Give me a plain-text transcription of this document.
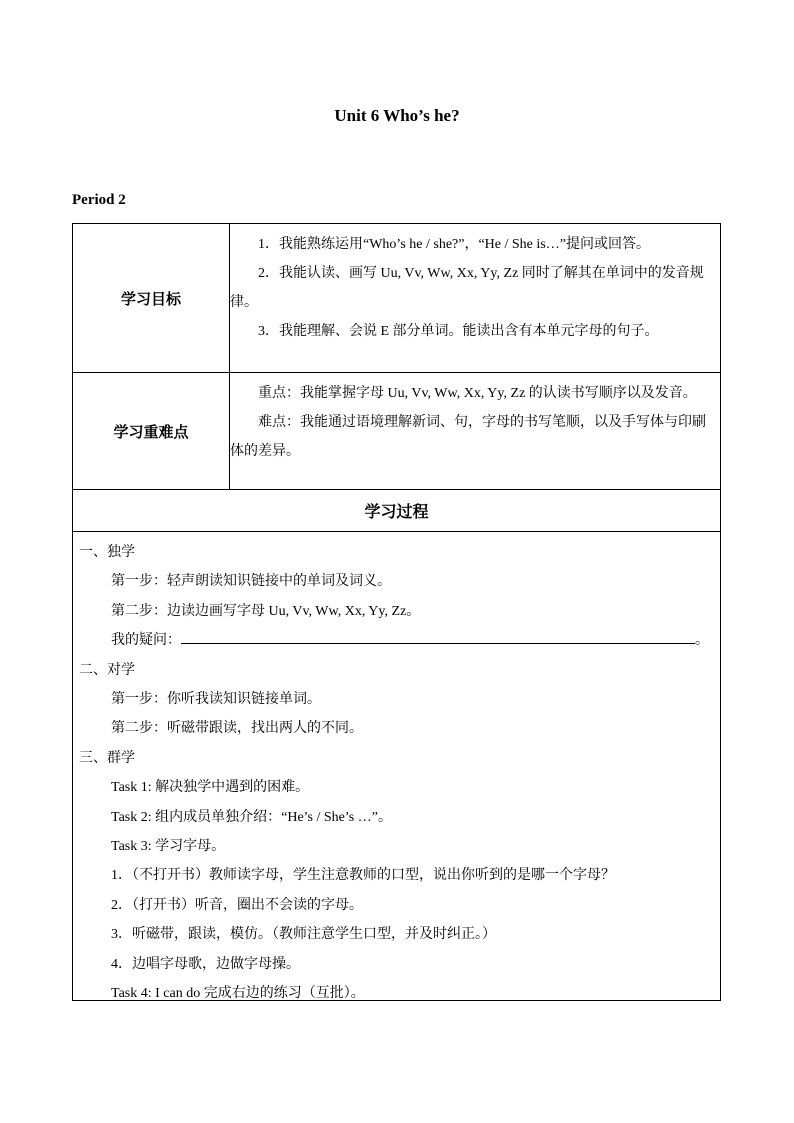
Unit 6 Who’s he?
Period 2
学习目标

1．我能熟练运用“Who’s he / she?”，“He / She is…”提问或回答。

2．我能认读、画写 Uu, Vv, Ww, Xx, Yy, Zz 同时了解其在单词中的发音规律。

3．我能理解、会说 E 部分单词。能读出含有本单元字母的句子。

学习重难点

重点：我能掌握字母 Uu, Vv, Ww, Xx, Yy, Zz 的认读书写顺序以及发音。

难点：我能通过语境理解新词、句，字母的书写笔顺，以及手写体与印刷体的差异。

学习过程

一、独学

第一步：轻声朗读知识链接中的单词及词义。

第二步：边读边画写字母 Uu, Vv, Ww, Xx, Yy, Zz。

我的疑问：	。

二、对学

第一步：你听我读知识链接单词。

第二步：听磁带跟读，找出两人的不同。

三、群学

Task 1: 解决独学中遇到的困难。

Task 2: 组内成员单独介绍：“He’s / She’s …”。

Task 3: 学习字母。

1．（不打开书）教师读字母，学生注意教师的口型，说出你听到的是哪一个字母？

2．（打开书）听音，圈出不会读的字母。

3．听磁带，跟读，模仿。（教师注意学生口型，并及时纠正。）

4．边唱字母歌，边做字母操。

Task 4: I can do 完成右边的练习（互批）。
